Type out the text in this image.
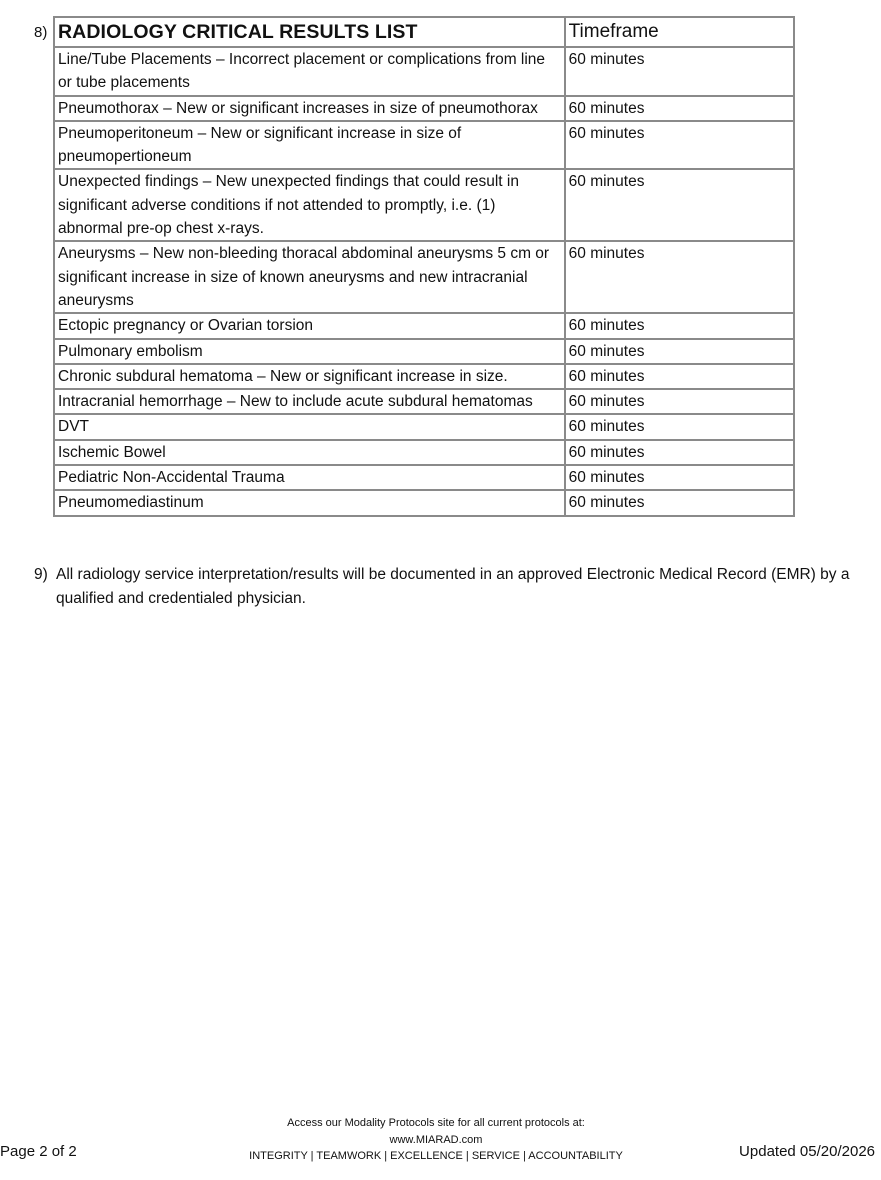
8) RADIOLOGY CRITICAL RESULTS LIST	Timeframe
Line/Tube Placements – Incorrect placement or complications from line or tube placements	60 minutes
Pneumothorax – New or significant increases in size of pneumothorax	60 minutes
Pneumoperitoneum – New or significant increase in size of pneumopertioneum	60 minutes
Unexpected findings – New unexpected findings that could result in significant adverse conditions if not attended to promptly, i.e. (1) abnormal pre-op chest x-rays.	60 minutes
Aneurysms – New non-bleeding thoracal abdominal aneurysms 5 cm or significant increase in size of known aneurysms and new intracranial aneurysms	60 minutes
Ectopic pregnancy or Ovarian torsion	60 minutes
Pulmonary embolism	60 minutes
Chronic subdural hematoma – New or significant increase in size.	60 minutes
Intracranial hemorrhage – New to include acute subdural hematomas	60 minutes
DVT	60 minutes
Ischemic Bowel	60 minutes
Pediatric Non-Accidental Trauma	60 minutes
Pneumomediastinum	60 minutes
9) All radiology service interpretation/results will be documented in an approved Electronic Medical Record (EMR) by a qualified and credentialed physician.
Access our Modality Protocols site for all current protocols at:
www.MIARAD.com
INTEGRITY | TEAMWORK | EXCELLENCE | SERVICE | ACCOUNTABILITY
Page 2 of 2	Updated 05/20/2026
